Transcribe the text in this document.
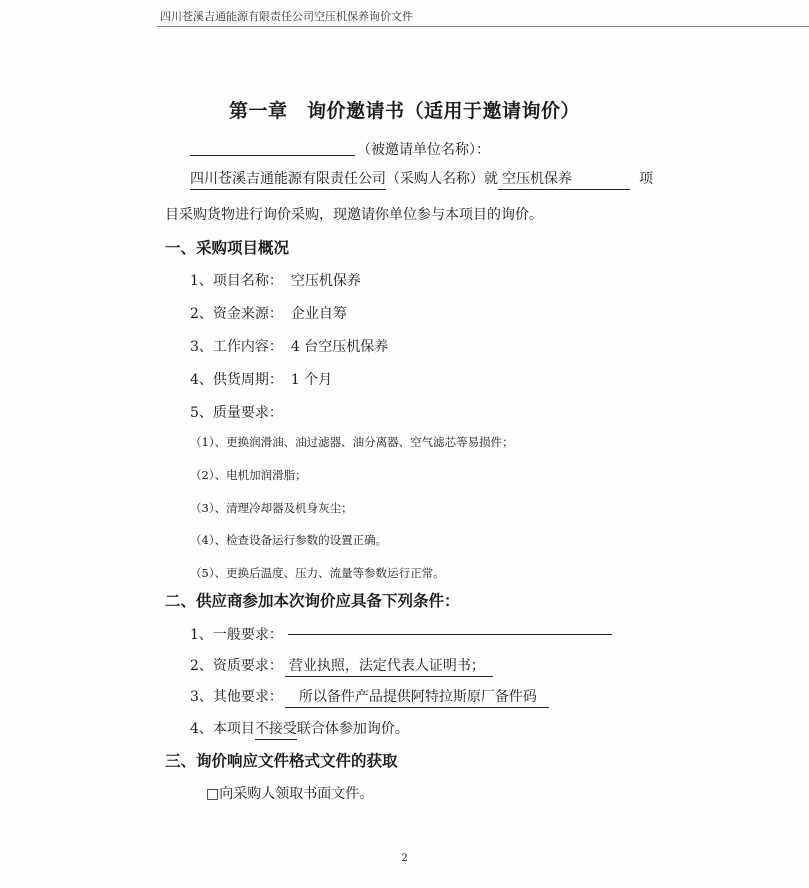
四川苍溪吉通能源有限责任公司空压机保养询价文件
第一章　询价邀请书（适用于邀请询价）
（被邀请单位名称）：
四川苍溪吉通能源有限责任公司（采购人名称）就 空压机保养	项
目采购货物进行询价采购，现邀请你单位参与本项目的询价。
一、采购项目概况
1、项目名称： 空压机保养
2、资金来源： 企业自筹
3、工作内容： 4 台空压机保养
4、供货周期： 1 个月
5、质量要求：
（1）、更换润滑油、油过滤器、油分离器、空气滤芯等易损件；
（2）、电机加润滑脂；
（3）、清理冷却器及机身灰尘；
（4）、检查设备运行参数的设置正确。
（5）、更换后温度、压力、流量等参数运行正常。
二、供应商参加本次询价应具备下列条件：
1、一般要求：
2、资质要求： 营业执照，法定代表人证明书；
3、其他要求： 所以备件产品提供阿特拉斯原厂备件码
4、本项目不接受联合体参加询价。
三、询价响应文件格式文件的获取
□向采购人领取书面文件。
2
